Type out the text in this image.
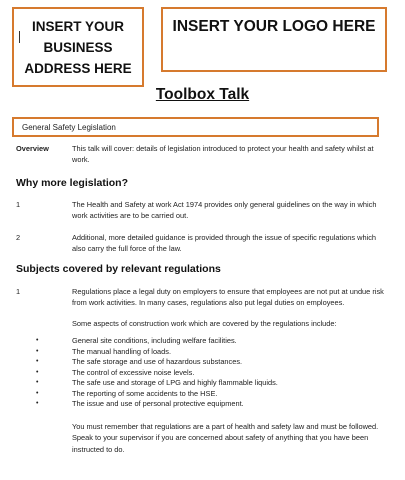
INSERT YOUR BUSINESS ADDRESS HERE
INSERT YOUR LOGO HERE
Toolbox Talk
General Safety Legislation
Overview	This talk will cover: details of legislation introduced to protect your health and safety whilst at work.
Why more legislation?
1	The Health and Safety at work Act 1974 provides only general guidelines on the way in which work activities are to be carried out.
2	Additional, more detailed guidance is provided through the issue of specific regulations which also carry the full force of the law.
Subjects covered by relevant regulations
1	Regulations place a legal duty on employers to ensure that employees are not put at undue risk from work activities. In many cases, regulations also put legal duties on employees.
Some aspects of construction work which are covered by the regulations include:
•	General site conditions, including welfare facilities.
•	The manual handling of loads.
•	The safe storage and use of hazardous substances.
•	The control of excessive noise levels.
•	The safe use and storage of LPG and highly flammable liquids.
•	The reporting of some accidents to the HSE.
•	The issue and use of personal protective equipment.
You must remember that regulations are a part of health and safety law and must be followed. Speak to your supervisor if you are concerned about safety of anything that you have been instructed to do.
